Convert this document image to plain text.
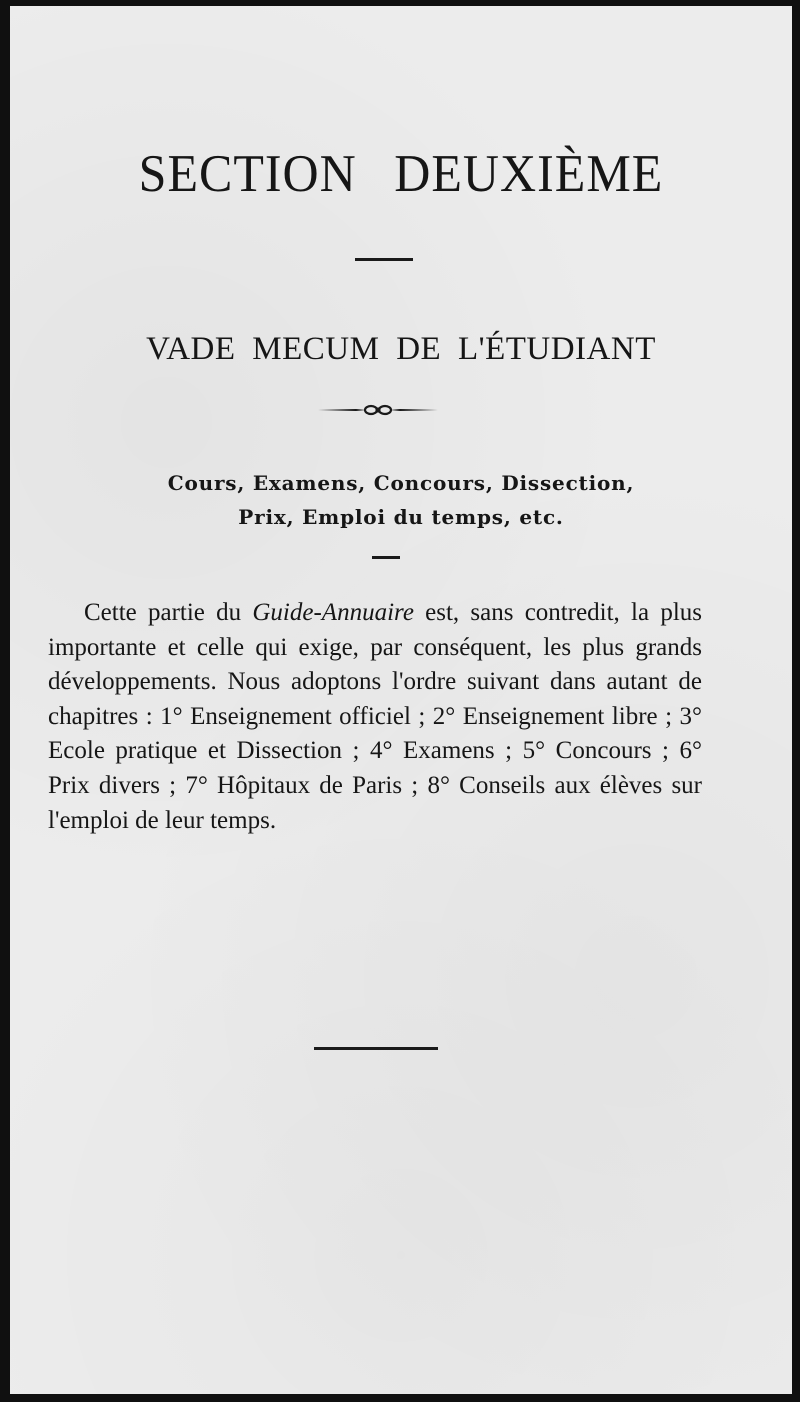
SECTION DEUXIÈME
VADE MECUM DE L'ÉTUDIANT
Cours, Examens, Concours, Dissection,
Prix, Emploi du temps, etc.

Cette partie du Guide-Annuaire est, sans contredit, la plus importante et celle qui exige, par conséquent, les plus grands développements. Nous adoptons l'ordre suivant dans autant de chapitres : 1° Enseignement officiel ; 2° Enseignement libre ; 3° Ecole pratique et Dissection ; 4° Examens ; 5° Concours ; 6° Prix divers ; 7° Hôpitaux de Paris ; 8° Conseils aux élèves sur l'emploi de leur temps.
